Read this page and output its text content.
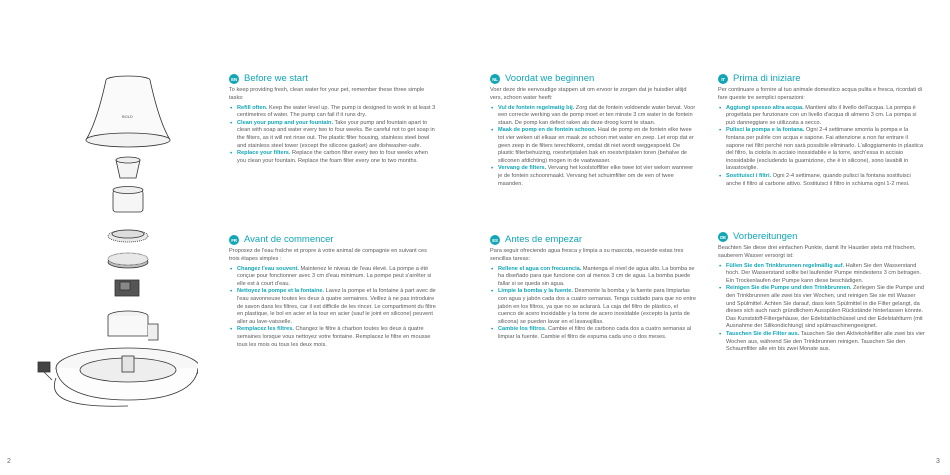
BOLD
EN Before we start

To keep providing fresh, clean water for your pet, remember these three simple tasks:

• Refill often. Keep the water level up. The pump is designed to work in at least 3 centimetres of water. The pump can fail if it runs dry.
• Clean your pump and your fountain. Take your pump and fountain apart to clean with soap and water every two to four weeks. Be careful not to get soap in the filters, as it will not rinse out. The plastic filter housing, stainless steel bowl and stainless steel tower (except the silicone gasket) are dishwasher-safe.
• Replace your filters. Replace the carbon filter every two to four weeks when you clean your fountain. Replace the foam filter every one to two months.
FR Avant de commencer

Proposez de l'eau fraîche et propre à votre animal de compagnie en suivant ces trois étapes simples :

• Changez l'eau souvent. Maintenez le niveau de l'eau élevé. La pompe a été conçue pour fonctionner avec 3 cm d'eau minimum. La pompe peut s'arrêter si elle est à court d'eau.
• Nettoyez la pompe et la fontaine. Lavez la pompe et la fontaine à part avec de l'eau savonneuse toutes les deux à quatre semaines. Veillez à ne pas introduire de savon dans les filtres, car il est difficile de les rincer. Le compartiment du filtre en plastique, le bol en acier et la tour en acier (sauf le joint en silicone) peuvent aller au lave-vaisselle.
• Remplacez les filtres. Changez le filtre à charbon toutes les deux à quatre semaines lorsque vous nettoyez votre fontaine. Remplacez le filtre en mousse tous les mois ou tous les deux mois.
NL Voordat we beginnen

Voer deze drie eenvoudige stappen uit om ervoor te zorgen dat je huisdier altijd vers, schoon water heeft:

• Vul de fontein regelmatig bij. Zorg dat de fontein voldoende water bevat. Voor een correcte werking van de pomp moet er ten minste 3 cm water in de fontein staan. De pomp kan defect raken als deze droog komt te staan.
• Maak de pomp en de fontein schoon. Haal de pomp en de fontein elke twee tot vier weken uit elkaar en maak ze schoon met water en zeep. Let erop dat er geen zeep in de filters terechtkomt, omdat dit niet wordt weggespoeld. De plastic filterbehuizing, roestvrijstalen bak en roestvrijstalen toren (behalve de siliconen afdichting) mogen in de vaatwasser.
• Vervang de filters. Vervang het koolstoffilter elke twee tot vier weken wanneer je de fontein schoonmaakt. Vervang het schuimfilter om de een of twee maanden.
ES Antes de empezar

Para seguir ofreciendo agua fresca y limpia a su mascota, recuerde estas tres sencillas tareas:

• Rellene el agua con frecuencia. Mantenga el nivel de agua alto. La bomba se ha diseñado para que funcione con al menos 3 cm de agua. La bomba puede fallar si se queda sin agua.
• Limpie la bomba y la fuente. Desmonte la bomba y la fuente para limpiarlas con agua y jabón cada dos a cuatro semanas. Tenga cuidado para que no entre jabón en los filtros, ya que no se aclarará. La caja del filtro de plástico, el cuenco de acero inoxidable y la torre de acero inoxidable (excepto la junta de silicona) se pueden lavar en el lavavajillas.
• Cambie los filtros. Cambie el filtro de carbono cada dos a cuatro semanas al limpiar la fuente. Cambie el filtro de espuma cada uno o dos meses.
IT Prima di iniziare

Per continuare a fornire al tuo animale domestico acqua pulita e fresca, ricordati di fare queste tre semplici operazioni:

• Aggiungi spesso altra acqua. Mantieni alto il livello dell'acqua. La pompa è progettata per funzionare con un livello d'acqua di almeno 3 cm. La pompa si può danneggiare se utilizzata a secco.
• Pulisci la pompa e la fontana. Ogni 2-4 settimane smonta la pompa e la fontana per pulirle con acqua e sapone. Fai attenzione a non far entrare il sapone nei filtri perché non sarà possibile eliminarlo. L'alloggiamento in plastica del filtro, la ciotola in acciaio inossidabile e la torre, anch'essa in acciaio inossidabile (escludendo la guarnizione, che è in silicone), sono lavabili in lavastoviglie.
• Sostituisci i filtri. Ogni 2-4 settimane, quando pulisci la fontana sostituisci anche il filtro al carbone attivo. Sostituisci il filtro in schiuma ogni 1-2 mesi.
DE Vorbereitungen

Beachten Sie diese drei einfachen Punkte, damit Ihr Haustier stets mit frischem, sauberem Wasser versorgt ist:

• Füllen Sie den Trinkbrunnen regelmäßig auf. Halten Sie den Wasserstand hoch. Der Wasserstand sollte bei laufender Pumpe mindestens 3 cm betragen. Ein Trockenlaufen der Pumpe kann diese beschädigen.
• Reinigen Sie die Pumpe und den Trinkbrunnen. Zerlegen Sie die Pumpe und den Trinkbrunnen alle zwei bis vier Wochen, und reinigen Sie sie mit Wasser und Spülmittel. Achten Sie darauf, dass kein Spülmittel in die Filter gelangt, da dieses sich auch nach gründlichem Ausspülen Rückstände hinterlassen könnte. Das Kunststoff-Filtergehäuse, der Edelstahlschüssel und der Edelstahlturm (mit Ausnahme der Silikondichtung) sind spülmaschinengeeignet.
• Tauschen Sie die Filter aus. Tauschen Sie den Aktivkohlefilter alle zwei bis vier Wochen aus, während Sie den Trinkbrunnen reinigen. Tauschen Sie den Schaumfilter alle ein bis zwei Monate aus.
2	3
